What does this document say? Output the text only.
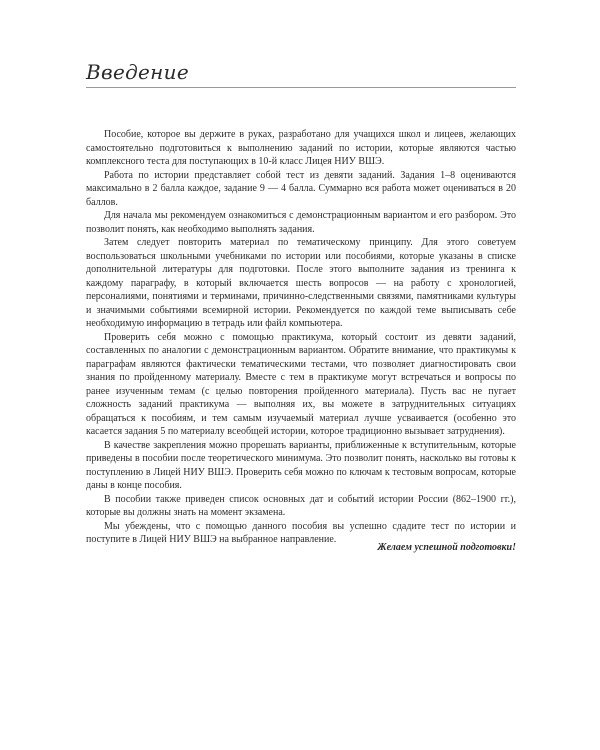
Введение

Пособие, которое вы держите в руках, разработано для учащихся школ и лицеев, желающих самостоятельно подготовиться к выполнению заданий по истории, которые являются частью комплексного теста для поступающих в 10-й класс Лицея НИУ ВШЭ.

Работа по истории представляет собой тест из девяти заданий. Задания 1–8 оцениваются максимально в 2 балла каждое, задание 9 — 4 балла. Суммарно вся работа может оцениваться в 20 баллов.

Для начала мы рекомендуем ознакомиться с демонстрационным вариантом и его разбором. Это позволит понять, как необходимо выполнять задания.

Затем следует повторить материал по тематическому принципу. Для этого советуем воспользоваться школьными учебниками по истории или пособиями, которые указаны в списке дополнительной литературы для подготовки. После этого выполните задания из тренинга к каждому параграфу, в который включается шесть вопросов — на работу с хронологией, персоналиями, понятиями и терминами, причинно-следственными связями, памятниками культуры и значимыми событиями всемирной истории. Рекомендуется по каждой теме выписывать себе необходимую информацию в тетрадь или файл компьютера.

Проверить себя можно с помощью практикума, который состоит из девяти заданий, составленных по аналогии с демонстрационным вариантом. Обратите внимание, что практикумы к параграфам являются фактически тематическими тестами, что позволяет диагностировать свои знания по пройденному материалу. Вместе с тем в практикуме могут встречаться и вопросы по ранее изученным темам (с целью повторения пройденного материала). Пусть вас не пугает сложность заданий практикума — выполняя их, вы можете в затруднительных ситуациях обращаться к пособиям, и тем самым изучаемый материал лучше усваивается (особенно это касается задания 5 по материалу всеобщей истории, которое традиционно вызывает затруднения).

В качестве закрепления можно прорешать варианты, приближенные к вступительным, которые приведены в пособии после теоретического минимума. Это позволит понять, насколько вы готовы к поступлению в Лицей НИУ ВШЭ. Проверить себя можно по ключам к тестовым вопросам, которые даны в конце пособия.

В пособии также приведен список основных дат и событий истории России (862–1900 гг.), которые вы должны знать на момент экзамена.

Мы убеждены, что с помощью данного пособия вы успешно сдадите тест по истории и поступите в Лицей НИУ ВШЭ на выбранное направление.

Желаем успешной подготовки!
